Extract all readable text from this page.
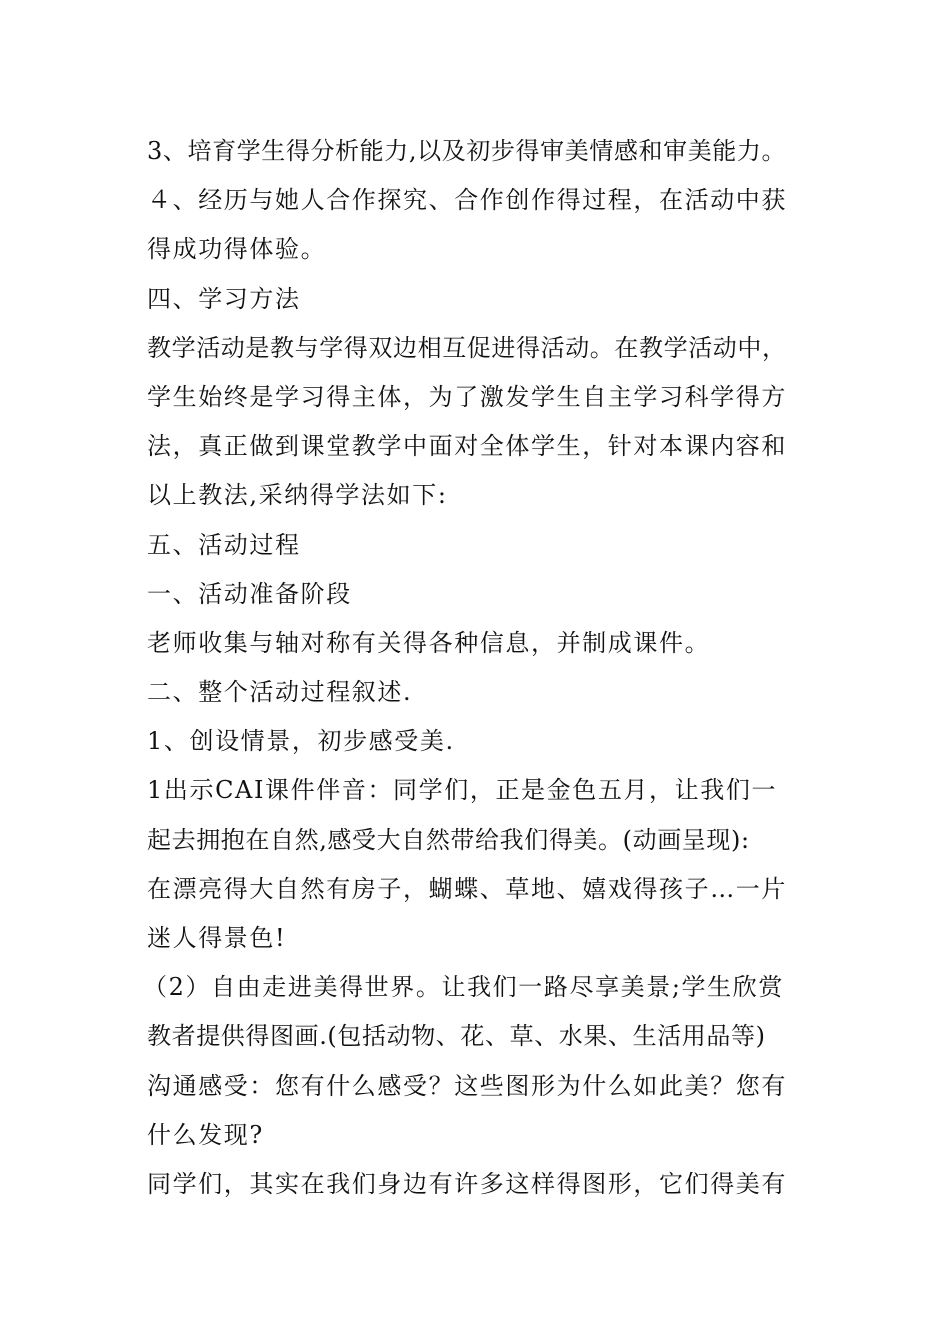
3、培育学生得分析能力,以及初步得审美情感和审美能力。
４、经历与她人合作探究、合作创作得过程，在活动中获
得成功得体验。
四、学习方法
教学活动是教与学得双边相互促进得活动。在教学活动中，
学生始终是学习得主体，为了激发学生自主学习科学得方
法，真正做到课堂教学中面对全体学生，针对本课内容和
以上教法,采纳得学法如下:
五、活动过程
一、活动准备阶段
老师收集与轴对称有关得各种信息，并制成课件。
二、整个活动过程叙述.
1、创设情景，初步感受美.
1出示CAⅠ课件伴音：同学们，正是金色五月，让我们一
起去拥抱在自然,感受大自然带给我们得美。(动画呈现):
在漂亮得大自然有房子，蝴蝶、草地、嬉戏得孩子…一片
迷人得景色!
（2）自由走进美得世界。让我们一路尽享美景;学生欣赏
教者提供得图画.(包括动物、花、草、水果、生活用品等)
沟通感受：您有什么感受？这些图形为什么如此美？您有
什么发现?
同学们，其实在我们身边有许多这样得图形，它们得美有
